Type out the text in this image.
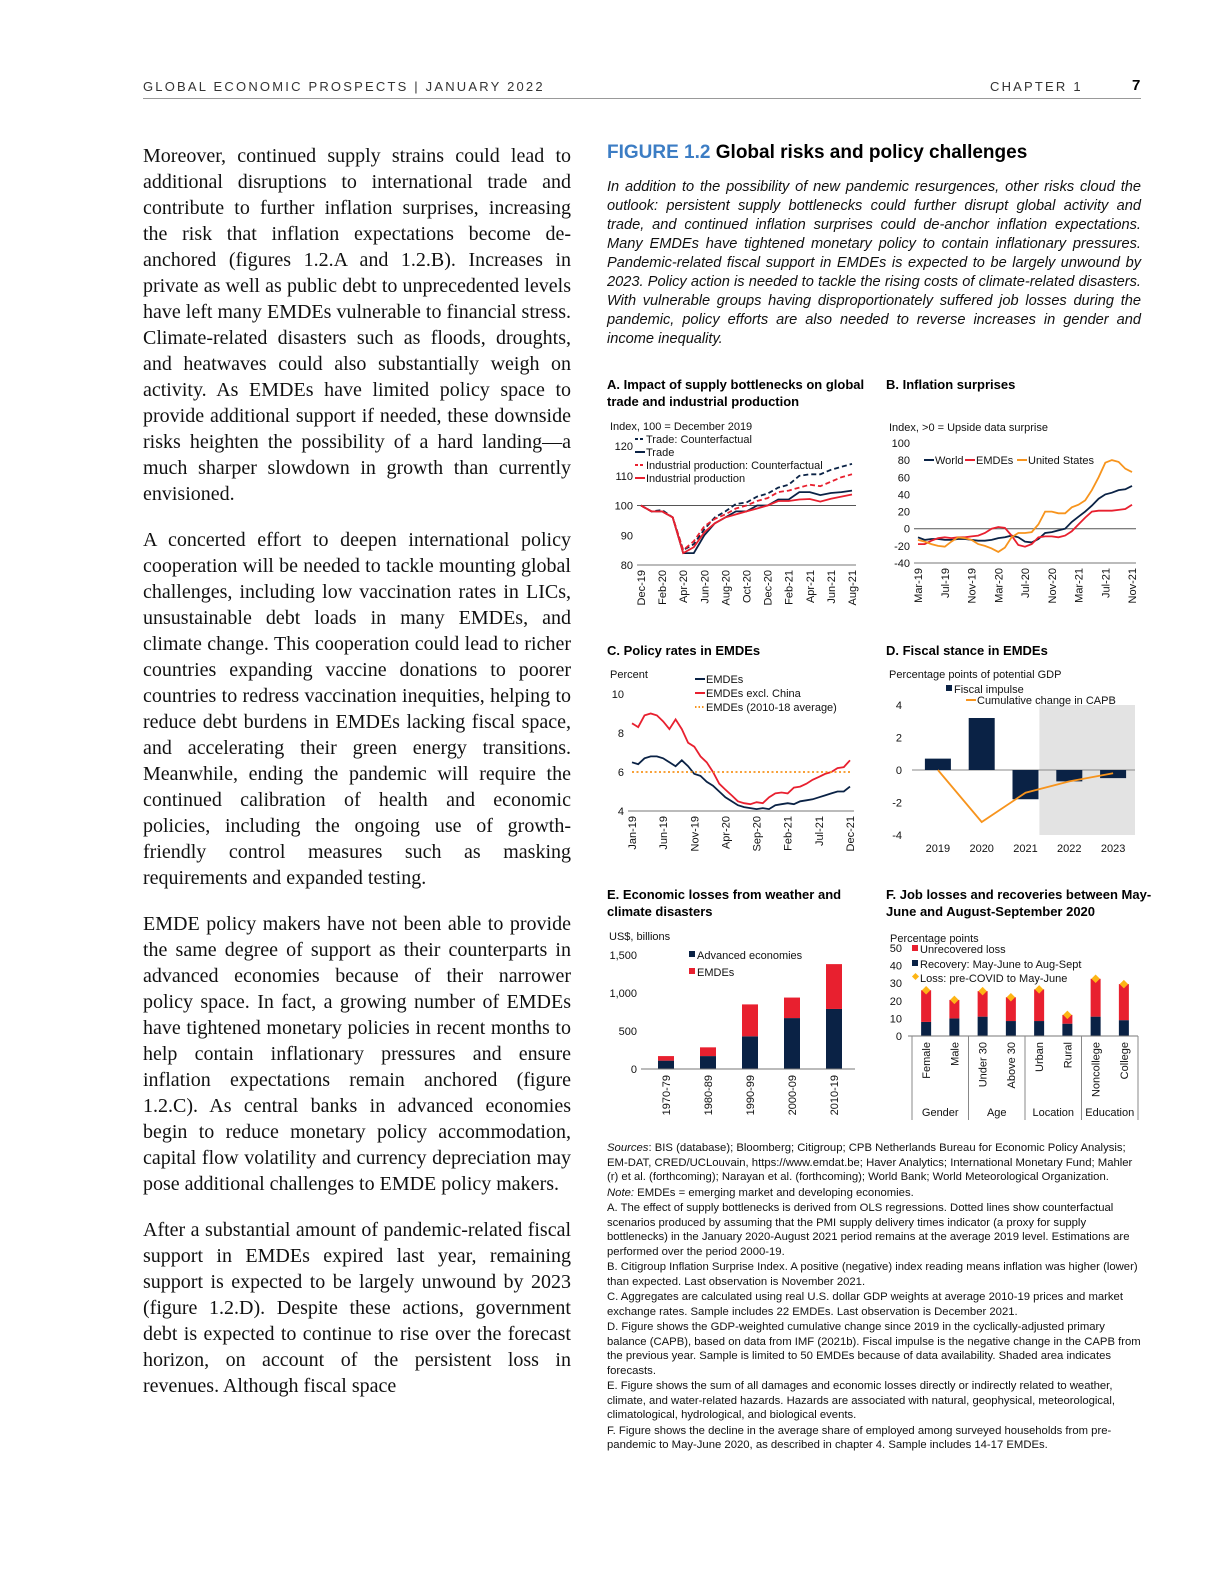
GLOBAL ECONOMIC PROSPECTS | JANUARY 2022	CHAPTER 1	7

Moreover, continued supply strains could lead to additional disruptions to international trade and contribute to further inflation surprises, increasing the risk that inflation expectations become de-anchored (figures 1.2.A and 1.2.B). Increases in private as well as public debt to unprecedented levels have left many EMDEs vulnerable to financial stress. Climate-related disasters such as floods, droughts, and heatwaves could also substantially weigh on activity. As EMDEs have limited policy space to provide additional support if needed, these downside risks heighten the possibility of a hard landing—a much sharper slowdown in growth than currently envisioned.

A concerted effort to deepen international policy cooperation will be needed to tackle mounting global challenges, including low vaccination rates in LICs, unsustainable debt loads in many EMDEs, and climate change. This cooperation could lead to richer countries expanding vaccine donations to poorer countries to redress vaccination inequities, helping to reduce debt burdens in EMDEs lacking fiscal space, and accelerating their green energy transitions. Meanwhile, ending the pandemic will require the continued calibration of health and economic policies, including the ongoing use of growth-friendly control measures such as masking requirements and expanded testing.

EMDE policy makers have not been able to provide the same degree of support as their counterparts in advanced economies because of their narrower policy space. In fact, a growing number of EMDEs have tightened monetary policies in recent months to help contain inflationary pressures and ensure inflation expectations remain anchored (figure 1.2.C). As central banks in advanced economies begin to reduce monetary policy accommodation, capital flow volatility and currency depreciation may pose additional challenges to EMDE policy makers.

After a substantial amount of pandemic-related fiscal support in EMDEs expired last year, remaining support is expected to be largely unwound by 2023 (figure 1.2.D). Despite these actions, government debt is expected to continue to rise over the forecast horizon, on account of the persistent loss in revenues. Although fiscal space

FIGURE 1.2 Global risks and policy challenges
In addition to the possibility of new pandemic resurgences, other risks cloud the outlook: persistent supply bottlenecks could further disrupt global activity and trade, and continued inflation surprises could de-anchor inflation expectations. Many EMDEs have tightened monetary policy to contain inflationary pressures. Pandemic-related fiscal support in EMDEs is expected to be largely unwound by 2023. Policy action is needed to tackle the rising costs of climate-related disasters. With vulnerable groups having disproportionately suffered job losses during the pandemic, policy efforts are also needed to reverse increases in gender and income inequality.
A. Impact of supply bottlenecks on global trade and industrial production
B. Inflation surprises
C. Policy rates in EMDEs	D. Fiscal stance in EMDEs
E. Economic losses from weather and climate disasters
F. Job losses and recoveries between May-June and August-September 2020
Index, 100 = December 2019
80
90
100
110
120
Dec-19 Feb-20 Apr-20 Jun-20 Aug-20 Oct-20 Dec-20 Feb-21 Apr-21 Jun-21 Aug-21
Trade: Counterfactual
Trade
Industrial production: Counterfactual
Industrial production
Index, >0 = Upside data surprise
-40
-20
0
20
40
60
80
100
Mar-19 Jul-19 Nov-19 Mar-20 Jul-20 Nov-20 Mar-21 Jul-21 Nov-21
World EMDEs United States
Percent
4
6
8
10
Jan-19 Jun-19 Nov-19 Apr-20 Sep-20 Feb-21 Jul-21 Dec-21
EMDEs
EMDEs excl. China
EMDEs (2010-18 average)
Percentage points of potential GDP
-4
-2
0
2
4
2019 2020 2021 2022 2023
Fiscal impulse
Cumulative change in CAPB
US$, billions
0
500
1,000
1,500
1970-79	1980-89	1990-99	2000-09	2010-19
Advanced economies
EMDEs
Percentage points
0
10
20
30
40
50
Female Male Under 30 Above 30 Urban Rural Noncollege College
Gender	Age Location Education
Unrecovered loss
Recovery: May-June to Aug-Sept
Loss: pre-COVID to May-June

Sources: BIS (database); Bloomberg; Citigroup; CPB Netherlands Bureau for Economic Policy Analysis; EM-DAT, CRED/UCLouvain, https://www.emdat.be; Haver Analytics; International Monetary Fund; Mahler (r) et al. (forthcoming); Narayan et al. (forthcoming); World Bank; World Meteorological Organization.

Note: EMDEs = emerging market and developing economies.

A. The effect of supply bottlenecks is derived from OLS regressions. Dotted lines show counterfactual scenarios produced by assuming that the PMI supply delivery times indicator (a proxy for supply bottlenecks) in the January 2020-August 2021 period remains at the average 2019 level. Estimations are performed over the period 2000-19.

B. Citigroup Inflation Surprise Index. A positive (negative) index reading means inflation was higher (lower) than expected. Last observation is November 2021.

C. Aggregates are calculated using real U.S. dollar GDP weights at average 2010-19 prices and market exchange rates. Sample includes 22 EMDEs. Last observation is December 2021.

D. Figure shows the GDP-weighted cumulative change since 2019 in the cyclically-adjusted primary balance (CAPB), based on data from IMF (2021b). Fiscal impulse is the negative change in the CAPB from the previous year. Sample is limited to 50 EMDEs because of data availability. Shaded area indicates forecasts.

E. Figure shows the sum of all damages and economic losses directly or indirectly related to weather, climate, and water-related hazards. Hazards are associated with natural, geophysical, meteorological, climatological, hydrological, and biological events.

F. Figure shows the decline in the average share of employed among surveyed households from pre-pandemic to May-June 2020, as described in chapter 4. Sample includes 14-17 EMDEs.
